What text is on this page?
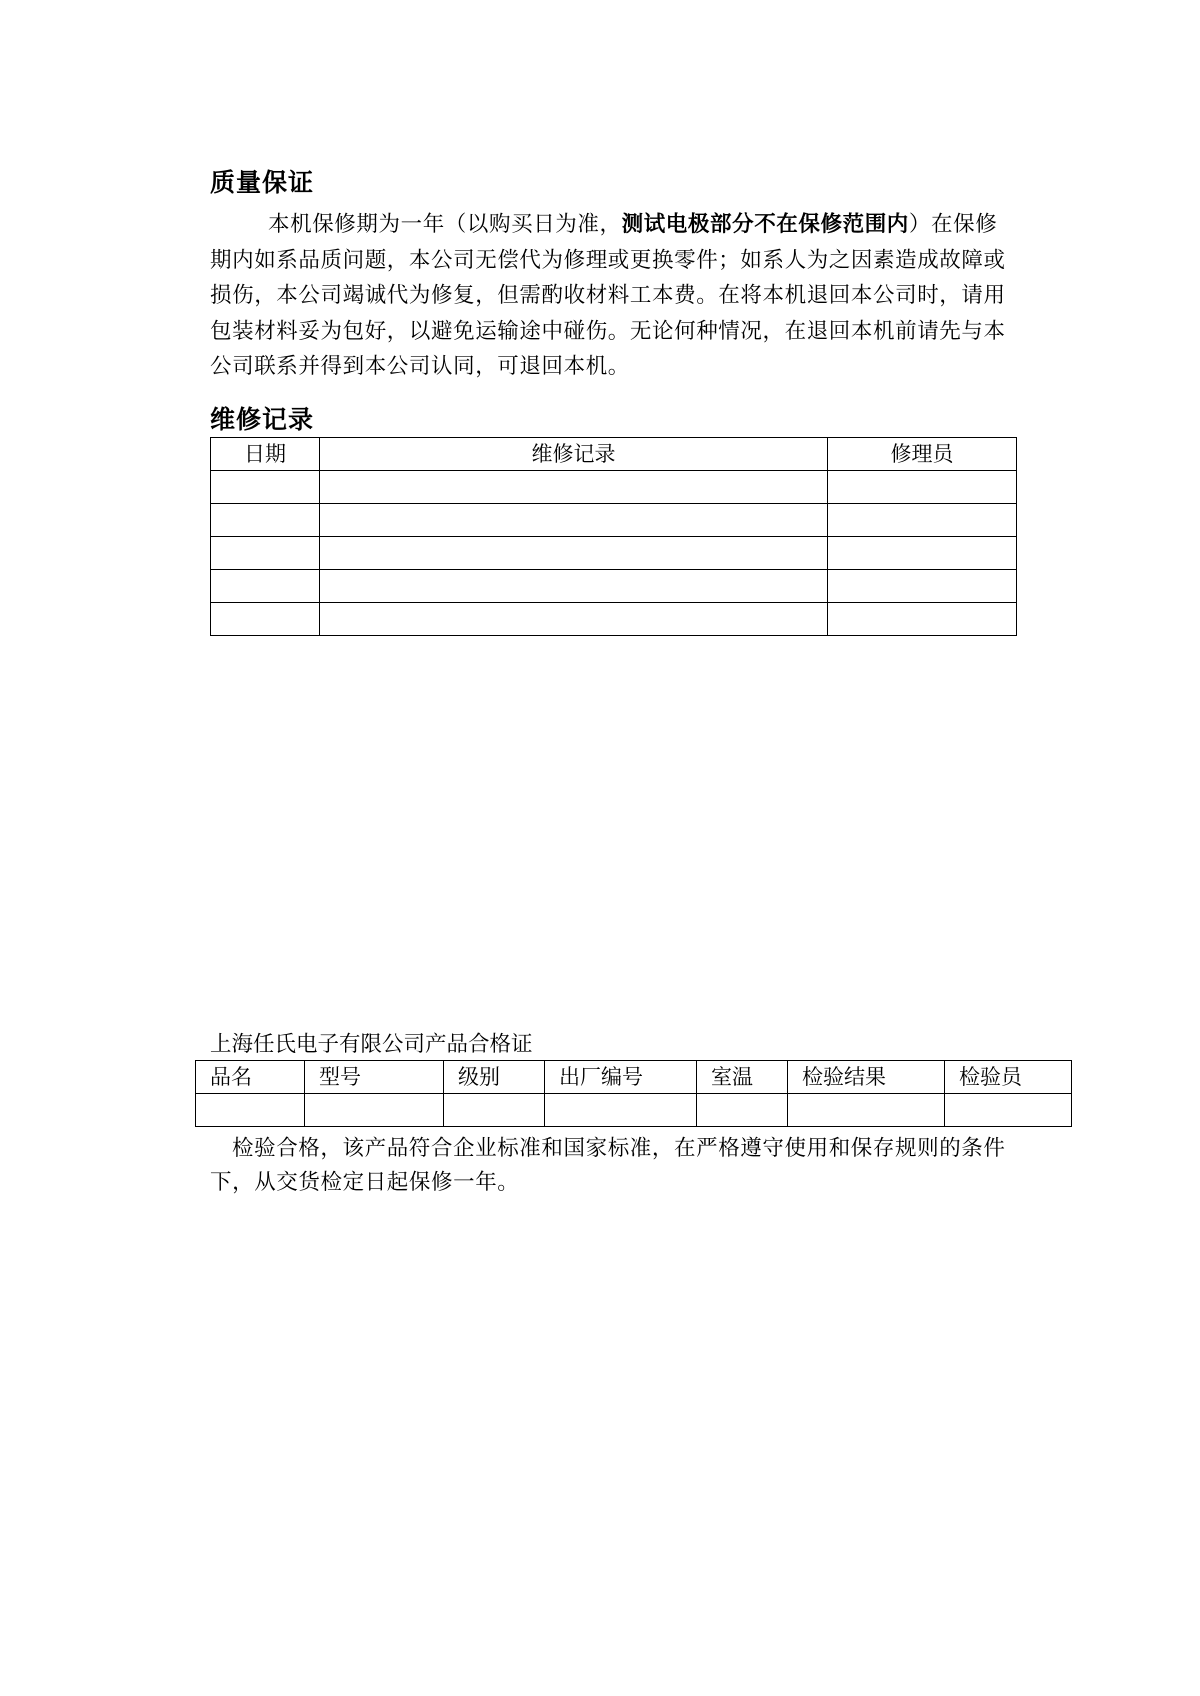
质量保证
本机保修期为一年（以购买日为准，测试电极部分不在保修范围内）在保修期内如系品质问题，本公司无偿代为修理或更换零件；如系人为之因素造成故障或损伤，本公司竭诚代为修复，但需酌收材料工本费。在将本机退回本公司时，请用包装材料妥为包好，以避免运输途中碰伤。无论何种情况，在退回本机前请先与本公司联系并得到本公司认同，可退回本机。
维修记录
日期	维修记录	修理员

上海任氏电子有限公司产品合格证
品名	型号	级别	出厂编号	室温	检验结果	检验员

检验合格，该产品符合企业标准和国家标准，在严格遵守使用和保存规则的条件下，从交货检定日起保修一年。
